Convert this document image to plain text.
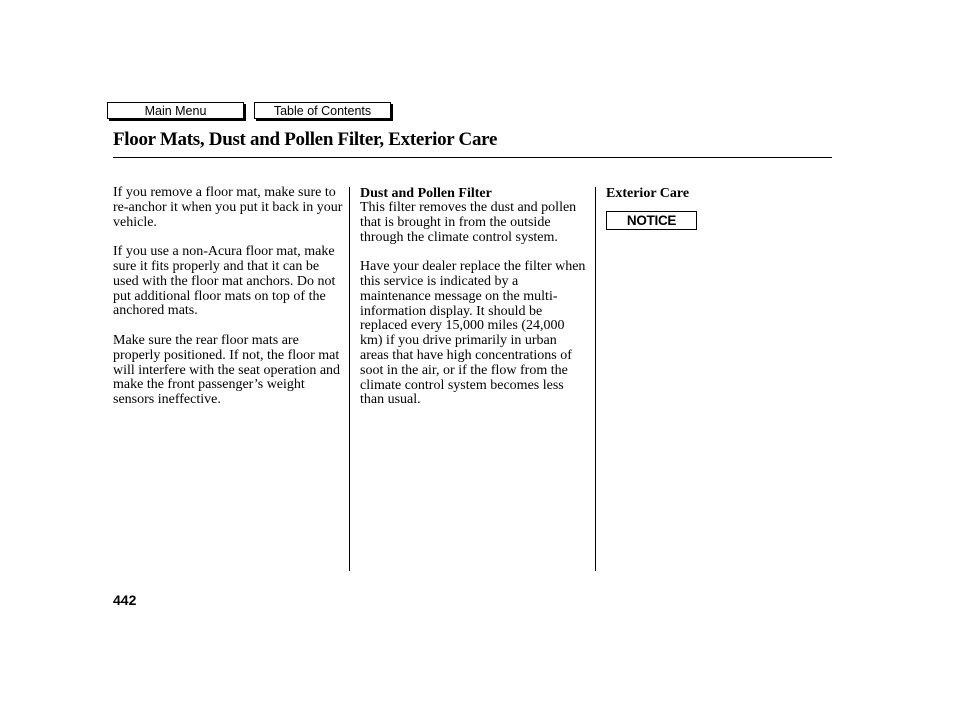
Main Menu	Table of Contents
Floor Mats, Dust and Pollen Filter, Exterior Care

If you remove a floor mat, make sure to re-anchor it when you put it back in your vehicle.

If you use a non-Acura floor mat, make sure it fits properly and that it can be used with the floor mat anchors. Do not put additional floor mats on top of the anchored mats.

Make sure the rear floor mats are properly positioned. If not, the floor mat will interfere with the seat operation and make the front passenger’s weight sensors ineffective.

Dust and Pollen Filter

This filter removes the dust and pollen that is brought in from the outside through the climate control system.

Have your dealer replace the filter when this service is indicated by a maintenance message on the multi-information display. It should be replaced every 15,000 miles (24,000 km) if you drive primarily in urban areas that have high concentrations of soot in the air, or if the flow from the climate control system becomes less than usual.

Exterior Care
NOTICE
442
